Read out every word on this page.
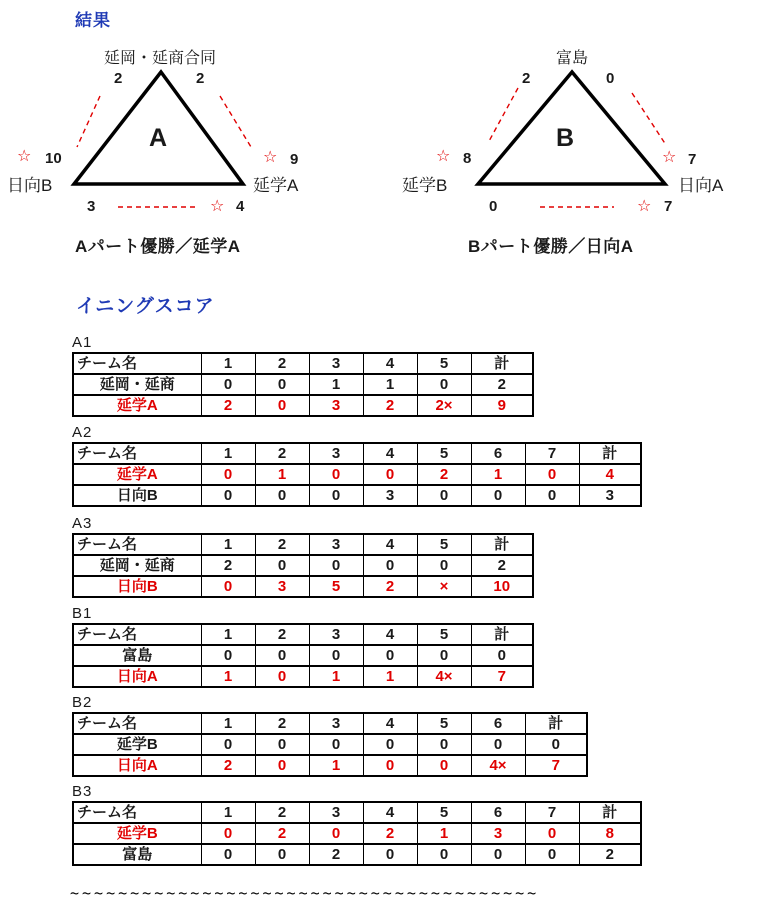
結果
延岡・延商合同
2	2
☆ 10
日向B
☆ 9
延学A
3	☆ 4
A
Aパート優勝／延学A
富島
2	0
☆ 8
延学B
☆ 7
日向A
0	☆ 7
B
Bパート優勝／日向A
イニングスコア
A1
チーム名	1	2	3	4	5	計
延岡・延商	0	0	1	1	0	2
延学A	2	0	3	2	2×	9
A2
チーム名	1	2	3	4	5	6	7	計
延学A	0	1	0	0	2	1	0	4
日向B	0	0	0	3	0	0	0	3
A3
チーム名	1	2	3	4	5	計
延岡・延商	2	0	0	0	0	2
日向B	0	3	5	2	×	10
B1
チーム名	1	2	3	4	5	計
富島	0	0	0	0	0	0
日向A	1	0	1	1	4×	7
B2
チーム名	1	2	3	4	5	6	計
延学B	0	0	0	0	0	0	0
日向A	2	0	1	0	0	4×	7
B3
チーム名	1	2	3	4	5	6	7	計
延学B	0	2	0	2	1	3	0	8
富島	0	0	2	0	0	0	0	2
~~~~~~~~~~~~~~~~~~~~~~~~~~~~~~~~~~~~~~~
